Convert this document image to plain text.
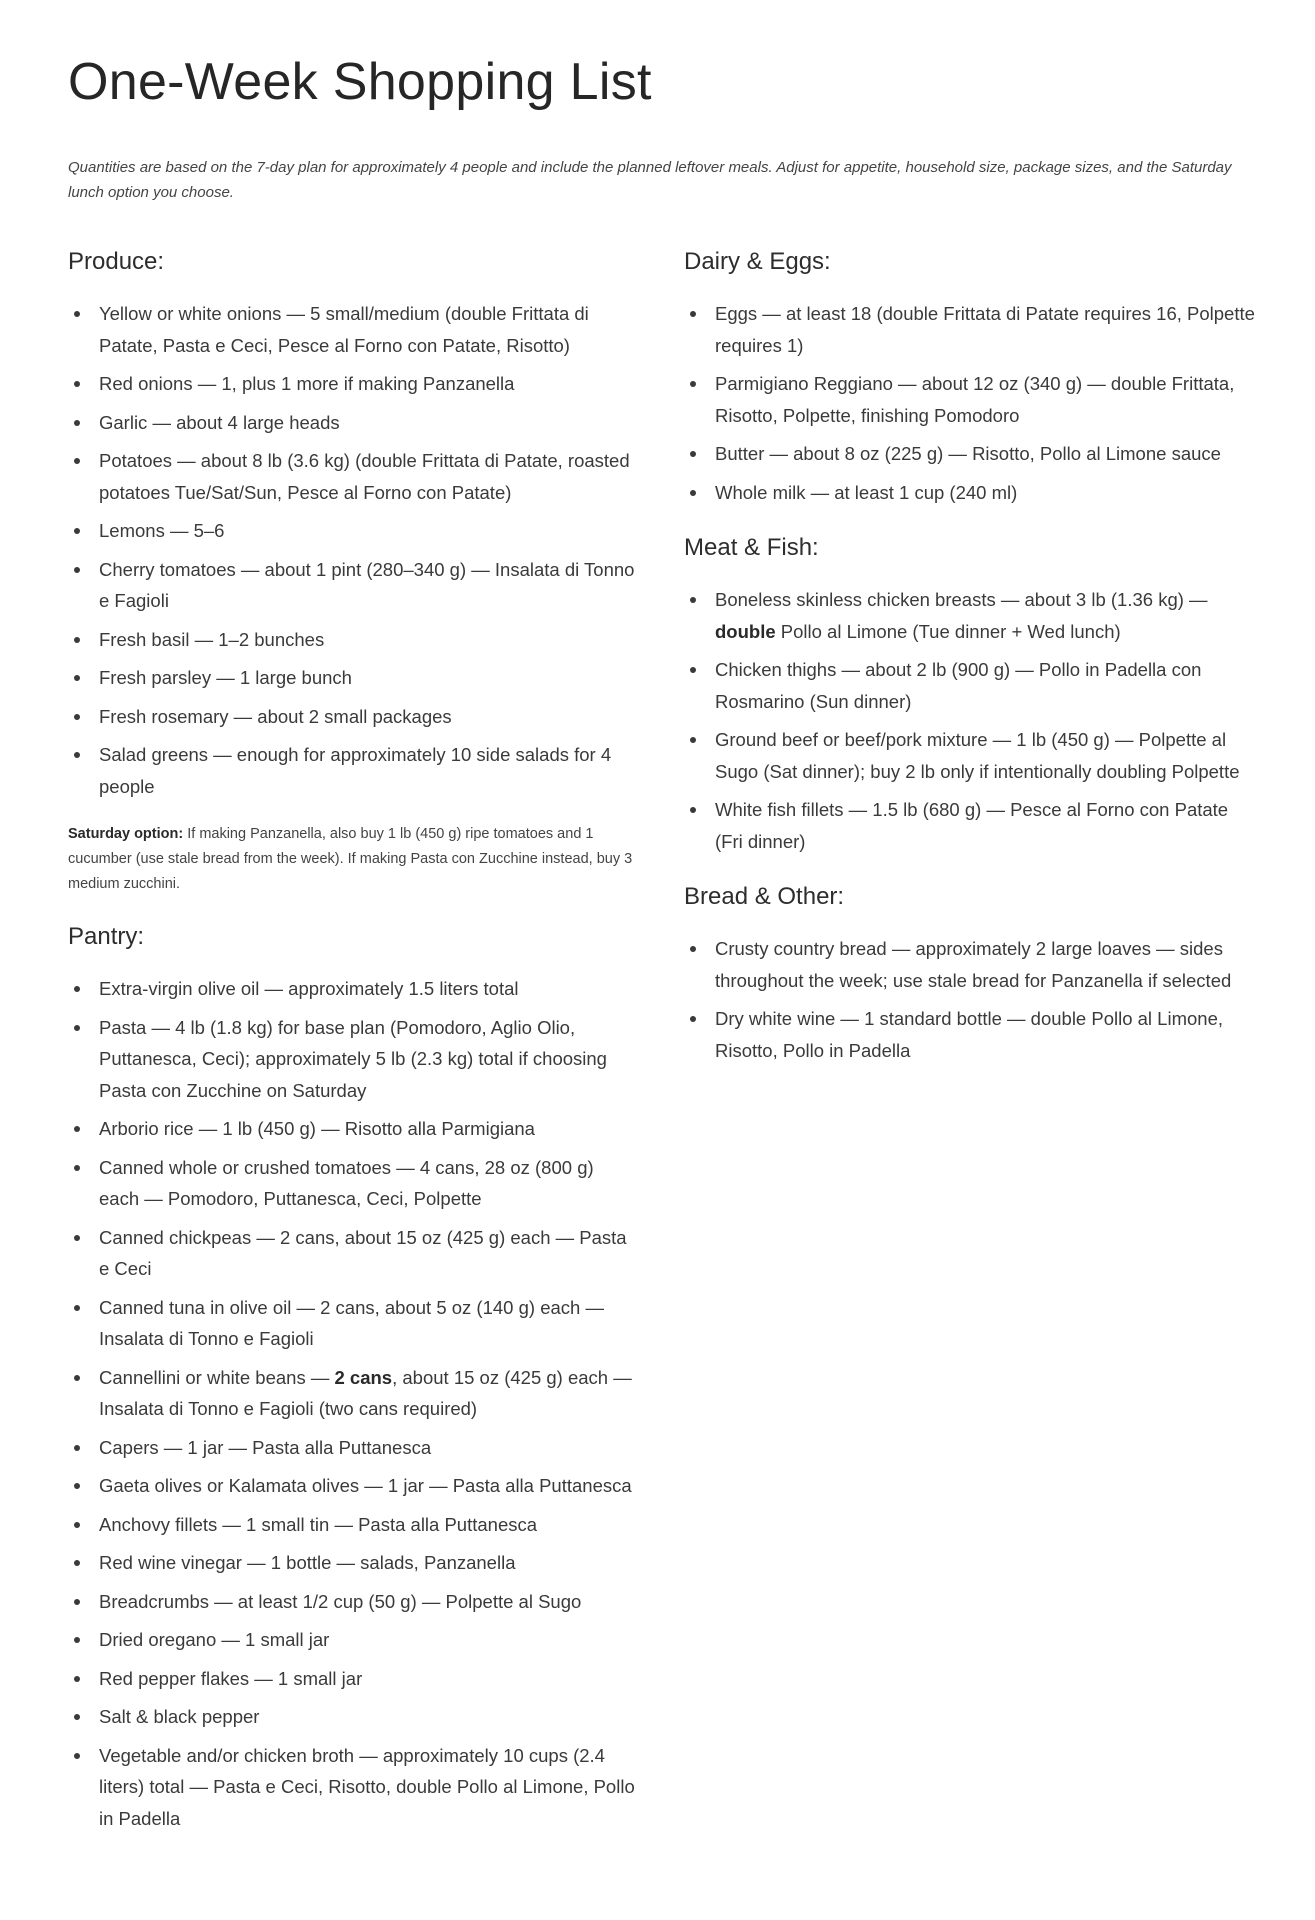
One-Week Shopping List
Quantities are based on the 7-day plan for approximately 4 people and include the planned leftover meals. Adjust for appetite, household size, package sizes, and the Saturday lunch option you choose.
Produce:
Yellow or white onions — 5 small/medium (double Frittata di Patate, Pasta e Ceci, Pesce al Forno con Patate, Risotto)
Red onions — 1, plus 1 more if making Panzanella
Garlic — about 4 large heads
Potatoes — about 8 lb (3.6 kg) (double Frittata di Patate, roasted potatoes Tue/Sat/Sun, Pesce al Forno con Patate)
Lemons — 5–6
Cherry tomatoes — about 1 pint (280–340 g) — Insalata di Tonno e Fagioli
Fresh basil — 1–2 bunches
Fresh parsley — 1 large bunch
Fresh rosemary — about 2 small packages
Salad greens — enough for approximately 10 side salads for 4 people
Saturday option: If making Panzanella, also buy 1 lb (450 g) ripe tomatoes and 1 cucumber (use stale bread from the week). If making Pasta con Zucchine instead, buy 3 medium zucchini.
Pantry:
Extra-virgin olive oil — approximately 1.5 liters total
Pasta — 4 lb (1.8 kg) for base plan (Pomodoro, Aglio Olio, Puttanesca, Ceci); approximately 5 lb (2.3 kg) total if choosing Pasta con Zucchine on Saturday
Arborio rice — 1 lb (450 g) — Risotto alla Parmigiana
Canned whole or crushed tomatoes — 4 cans, 28 oz (800 g) each — Pomodoro, Puttanesca, Ceci, Polpette
Canned chickpeas — 2 cans, about 15 oz (425 g) each — Pasta e Ceci
Canned tuna in olive oil — 2 cans, about 5 oz (140 g) each — Insalata di Tonno e Fagioli
Cannellini or white beans — 2 cans, about 15 oz (425 g) each — Insalata di Tonno e Fagioli (two cans required)
Capers — 1 jar — Pasta alla Puttanesca
Gaeta olives or Kalamata olives — 1 jar — Pasta alla Puttanesca
Anchovy fillets — 1 small tin — Pasta alla Puttanesca
Red wine vinegar — 1 bottle — salads, Panzanella
Breadcrumbs — at least 1/2 cup (50 g) — Polpette al Sugo
Dried oregano — 1 small jar
Red pepper flakes — 1 small jar
Salt & black pepper
Vegetable and/or chicken broth — approximately 10 cups (2.4 liters) total — Pasta e Ceci, Risotto, double Pollo al Limone, Pollo in Padella
Dairy & Eggs:
Eggs — at least 18 (double Frittata di Patate requires 16, Polpette requires 1)
Parmigiano Reggiano — about 12 oz (340 g) — double Frittata, Risotto, Polpette, finishing Pomodoro
Butter — about 8 oz (225 g) — Risotto, Pollo al Limone sauce
Whole milk — at least 1 cup (240 ml)
Meat & Fish:
Boneless skinless chicken breasts — about 3 lb (1.36 kg) — double Pollo al Limone (Tue dinner + Wed lunch)
Chicken thighs — about 2 lb (900 g) — Pollo in Padella con Rosmarino (Sun dinner)
Ground beef or beef/pork mixture — 1 lb (450 g) — Polpette al Sugo (Sat dinner); buy 2 lb only if intentionally doubling Polpette
White fish fillets — 1.5 lb (680 g) — Pesce al Forno con Patate (Fri dinner)
Bread & Other:
Crusty country bread — approximately 2 large loaves — sides throughout the week; use stale bread for Panzanella if selected
Dry white wine — 1 standard bottle — double Pollo al Limone, Risotto, Pollo in Padella
